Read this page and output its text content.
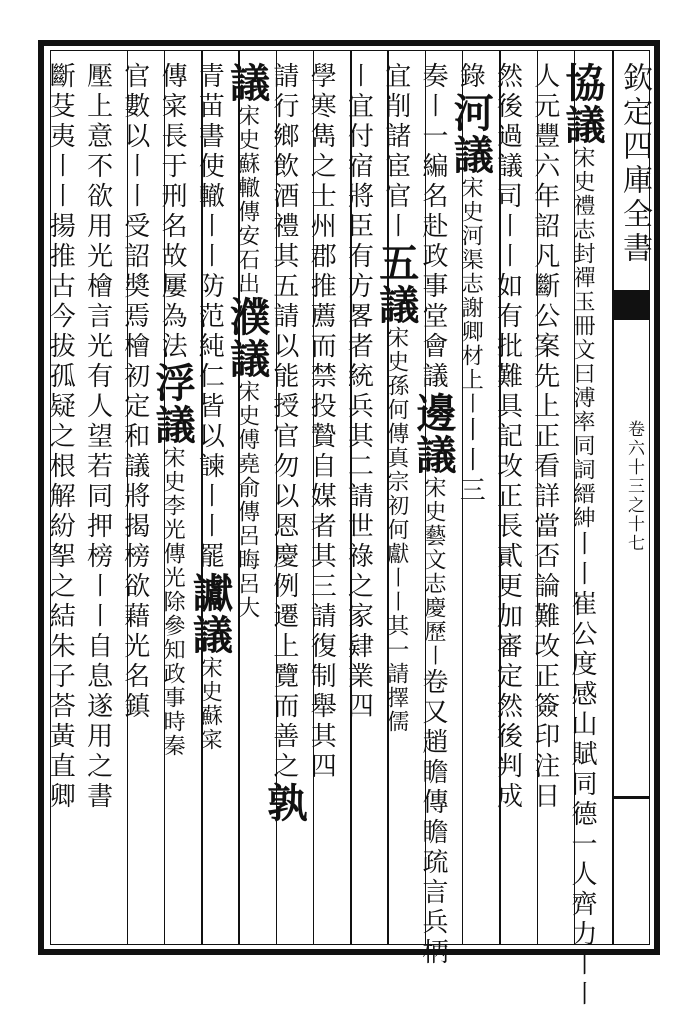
欽定四庫全書
卷六十三之十七
協議宋史禮志封禪玉冊文曰溥率同詞縉紳〡〡崔公度感山賦同德一人齊力〡〡
人元豐六年詔凡斷公案先上正看詳當否論難改正簽印注日
然後過議司〡〡如有批難具記改正長貳更加審定然後判成
錄河議宋史河渠志謝卿材上〡〡〡三
奏〡一編名赴政事堂會議邊議宋史藝文志慶歷〡卷又趙瞻傳瞻疏言兵柄
宜削諸宦官〡五議宋史孫何傳真宗初何獻〡〡其一請擇儒
〡宜付宿將臣有方畧者統兵其二請世祿之家肄業四
學寒雋之士州郡推薦而禁投贄自媒者其三請復制舉其四
請行鄉飲酒禮其五請以能授官勿以恩慶例遷上覽而善之孰
議宋史蘇轍傳安石出濮議宋史傅堯俞傳呂晦呂大
青苗書使轍〡〡防范純仁皆以諫〡〡罷讞議宋史蘇寀
傳寀長于刑名故屢為法浮議宋史李光傳光除參知政事時秦
官數以〡〡受詔奬焉檜初定和議將揭榜欲藉光名鎮
壓上意不欲用光檜言光有人望若同押榜〡〡自息遂用之書
斷芟夷〡〡揚推古今拔孤疑之根解紛挐之結朱子荅黃直卿
